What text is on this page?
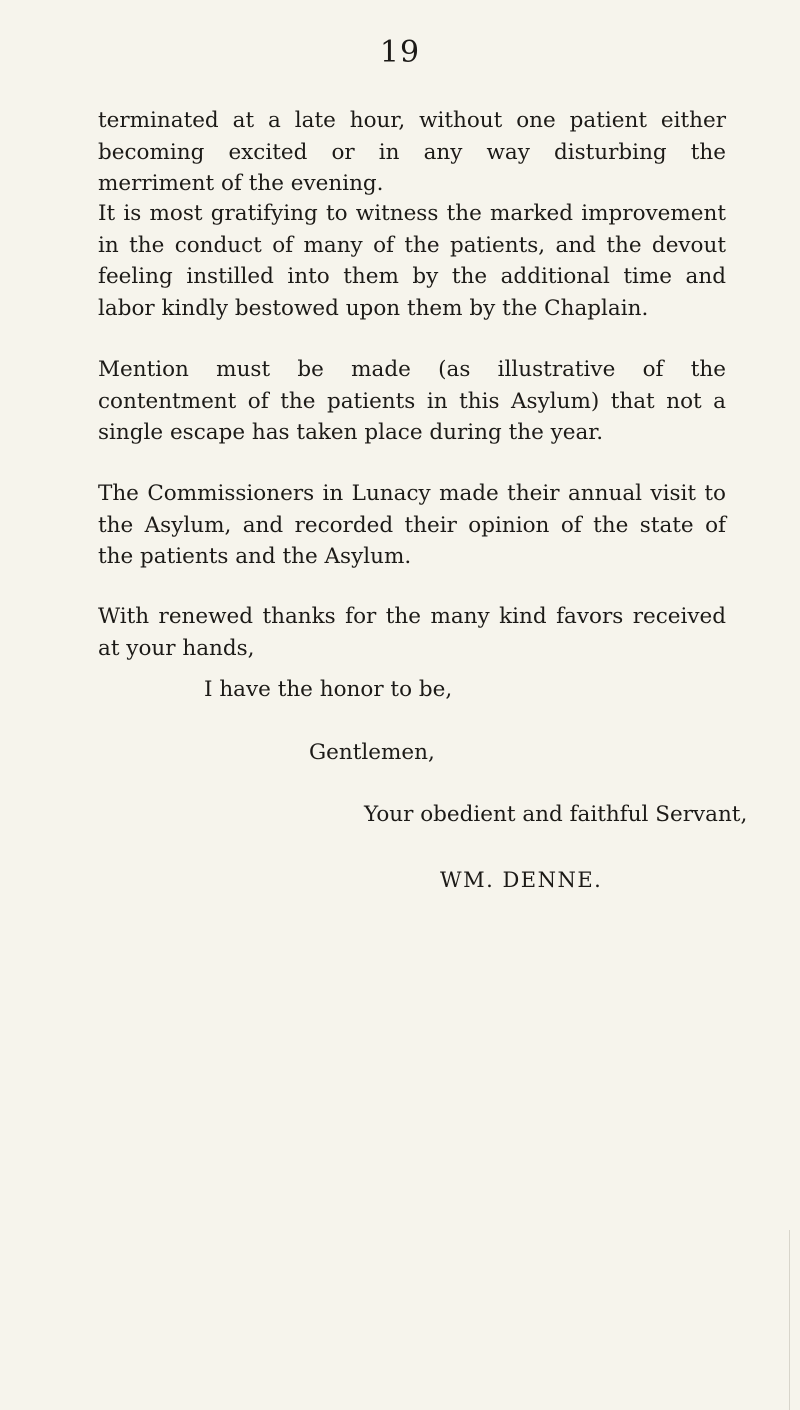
19

terminated at a late hour, without one patient either becoming excited or in any way disturbing the merriment of the evening.

It is most gratifying to witness the marked improvement in the conduct of many of the patients, and the devout feeling instilled into them by the additional time and labor kindly bestowed upon them by the Chaplain.

Mention must be made (as illustrative of the contentment of the patients in this Asylum) that not a single escape has taken place during the year.

The Commissioners in Lunacy made their annual visit to the Asylum, and recorded their opinion of the state of the patients and the Asylum.

With renewed thanks for the many kind favors received at your hands,

I have the honor to be,
Gentlemen,
Your obedient and faithful Servant,
WM. DENNE.
